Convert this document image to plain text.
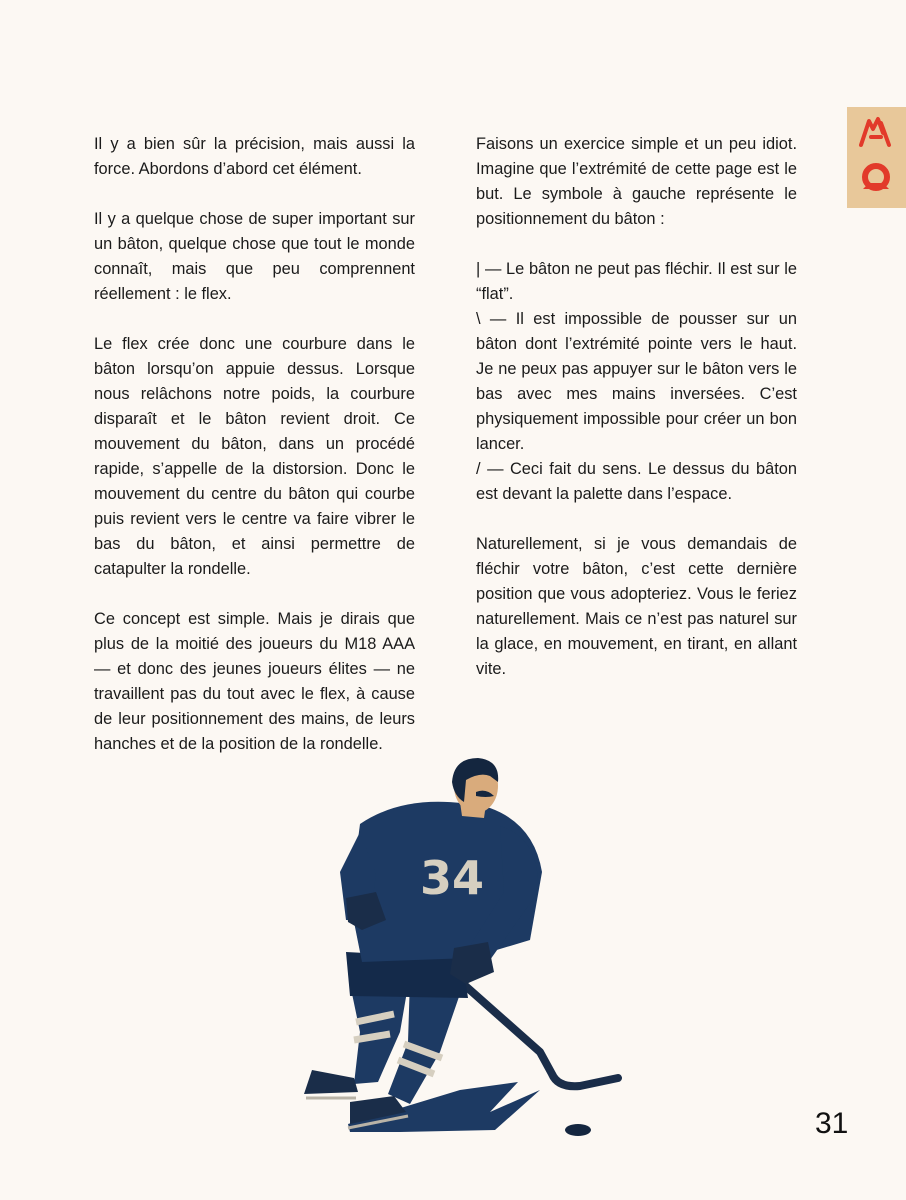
Il y a bien sûr la précision, mais aussi la force. Abordons d’abord cet élément.

Il y a quelque chose de super important sur un bâton, quelque chose que tout le monde connaît, mais que peu comprennent réellement : le flex.

Le flex crée donc une courbure dans le bâton lorsqu’on appuie dessus. Lorsque nous relâchons notre poids, la courbure disparaît et le bâton revient droit. Ce mouvement du bâton, dans un procédé rapide, s’appelle de la distorsion. Donc le mouvement du centre du bâton qui courbe puis revient vers le centre va faire vibrer le bas du bâton, et ainsi permettre de catapulter la rondelle.

Ce concept est simple. Mais je dirais que plus de la moitié des joueurs du M18 AAA — et donc des jeunes joueurs élites — ne travaillent pas du tout avec le flex, à cause de leur positionnement des mains, de leurs hanches et de la position de la rondelle.

Faisons un exercice simple et un peu idiot. Imagine que l’extrémité de cette page est le but. Le symbole à gauche représente le positionnement du bâton :

| — Le bâton ne peut pas fléchir. Il est sur le “flat”.

\ — Il est impossible de pousser sur un bâton dont l’extrémité pointe vers le haut. Je ne peux pas appuyer sur le bâton vers le bas avec mes mains inversées. C’est physiquement impossible pour créer un bon lancer.

/ — Ceci fait du sens. Le dessus du bâton est devant la palette dans l’espace.

Naturellement, si je vous demandais de fléchir votre bâton, c’est cette dernière position que vous adopteriez. Vous le feriez naturellement. Mais ce n’est pas naturel sur la glace, en mouvement, en tirant, en allant vite.

34
31
